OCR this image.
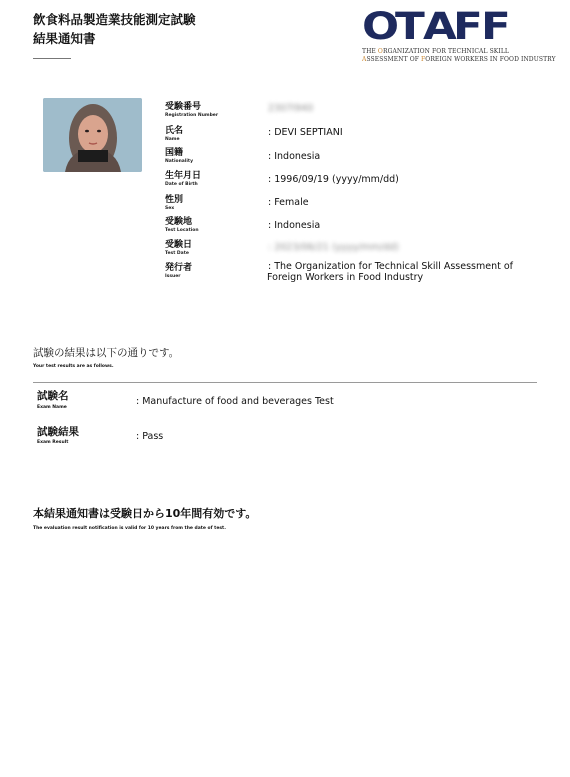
飲食料品製造業技能測定試験
結果通知書	O
T
A
F
F
THE ORGANIZATION FOR TECHNICAL SKILL
ASSESSMENT OF FOREIGN WORKERS IN FOOD INDUSTRY
受験番号
Registration Number
2307I940
氏名
Name
: DEVI SEPTIANI
国籍
Nationality	: Indonesia
生年月日
Date of Birth	: 1996/09/19 (yyyy/mm/dd)
性別
Sex
: Female
受験地
Test Location	: Indonesia
受験日
Test Date
: 2023/06/21 (yyyy/mm/dd)
発行者
Issuer
: The Organization for Technical Skill Assessment of
Foreign Workers in Food Industry
試験の結果は以下の通りです。
Your test results are as follows.
試験名
Exam Name
: Manufacture of food and beverages Test
試験結果
Exam Result
: Pass
本結果通知書は受験日から10年間有効です。
The evaluation result notification is valid for 10 years from the date of test.
